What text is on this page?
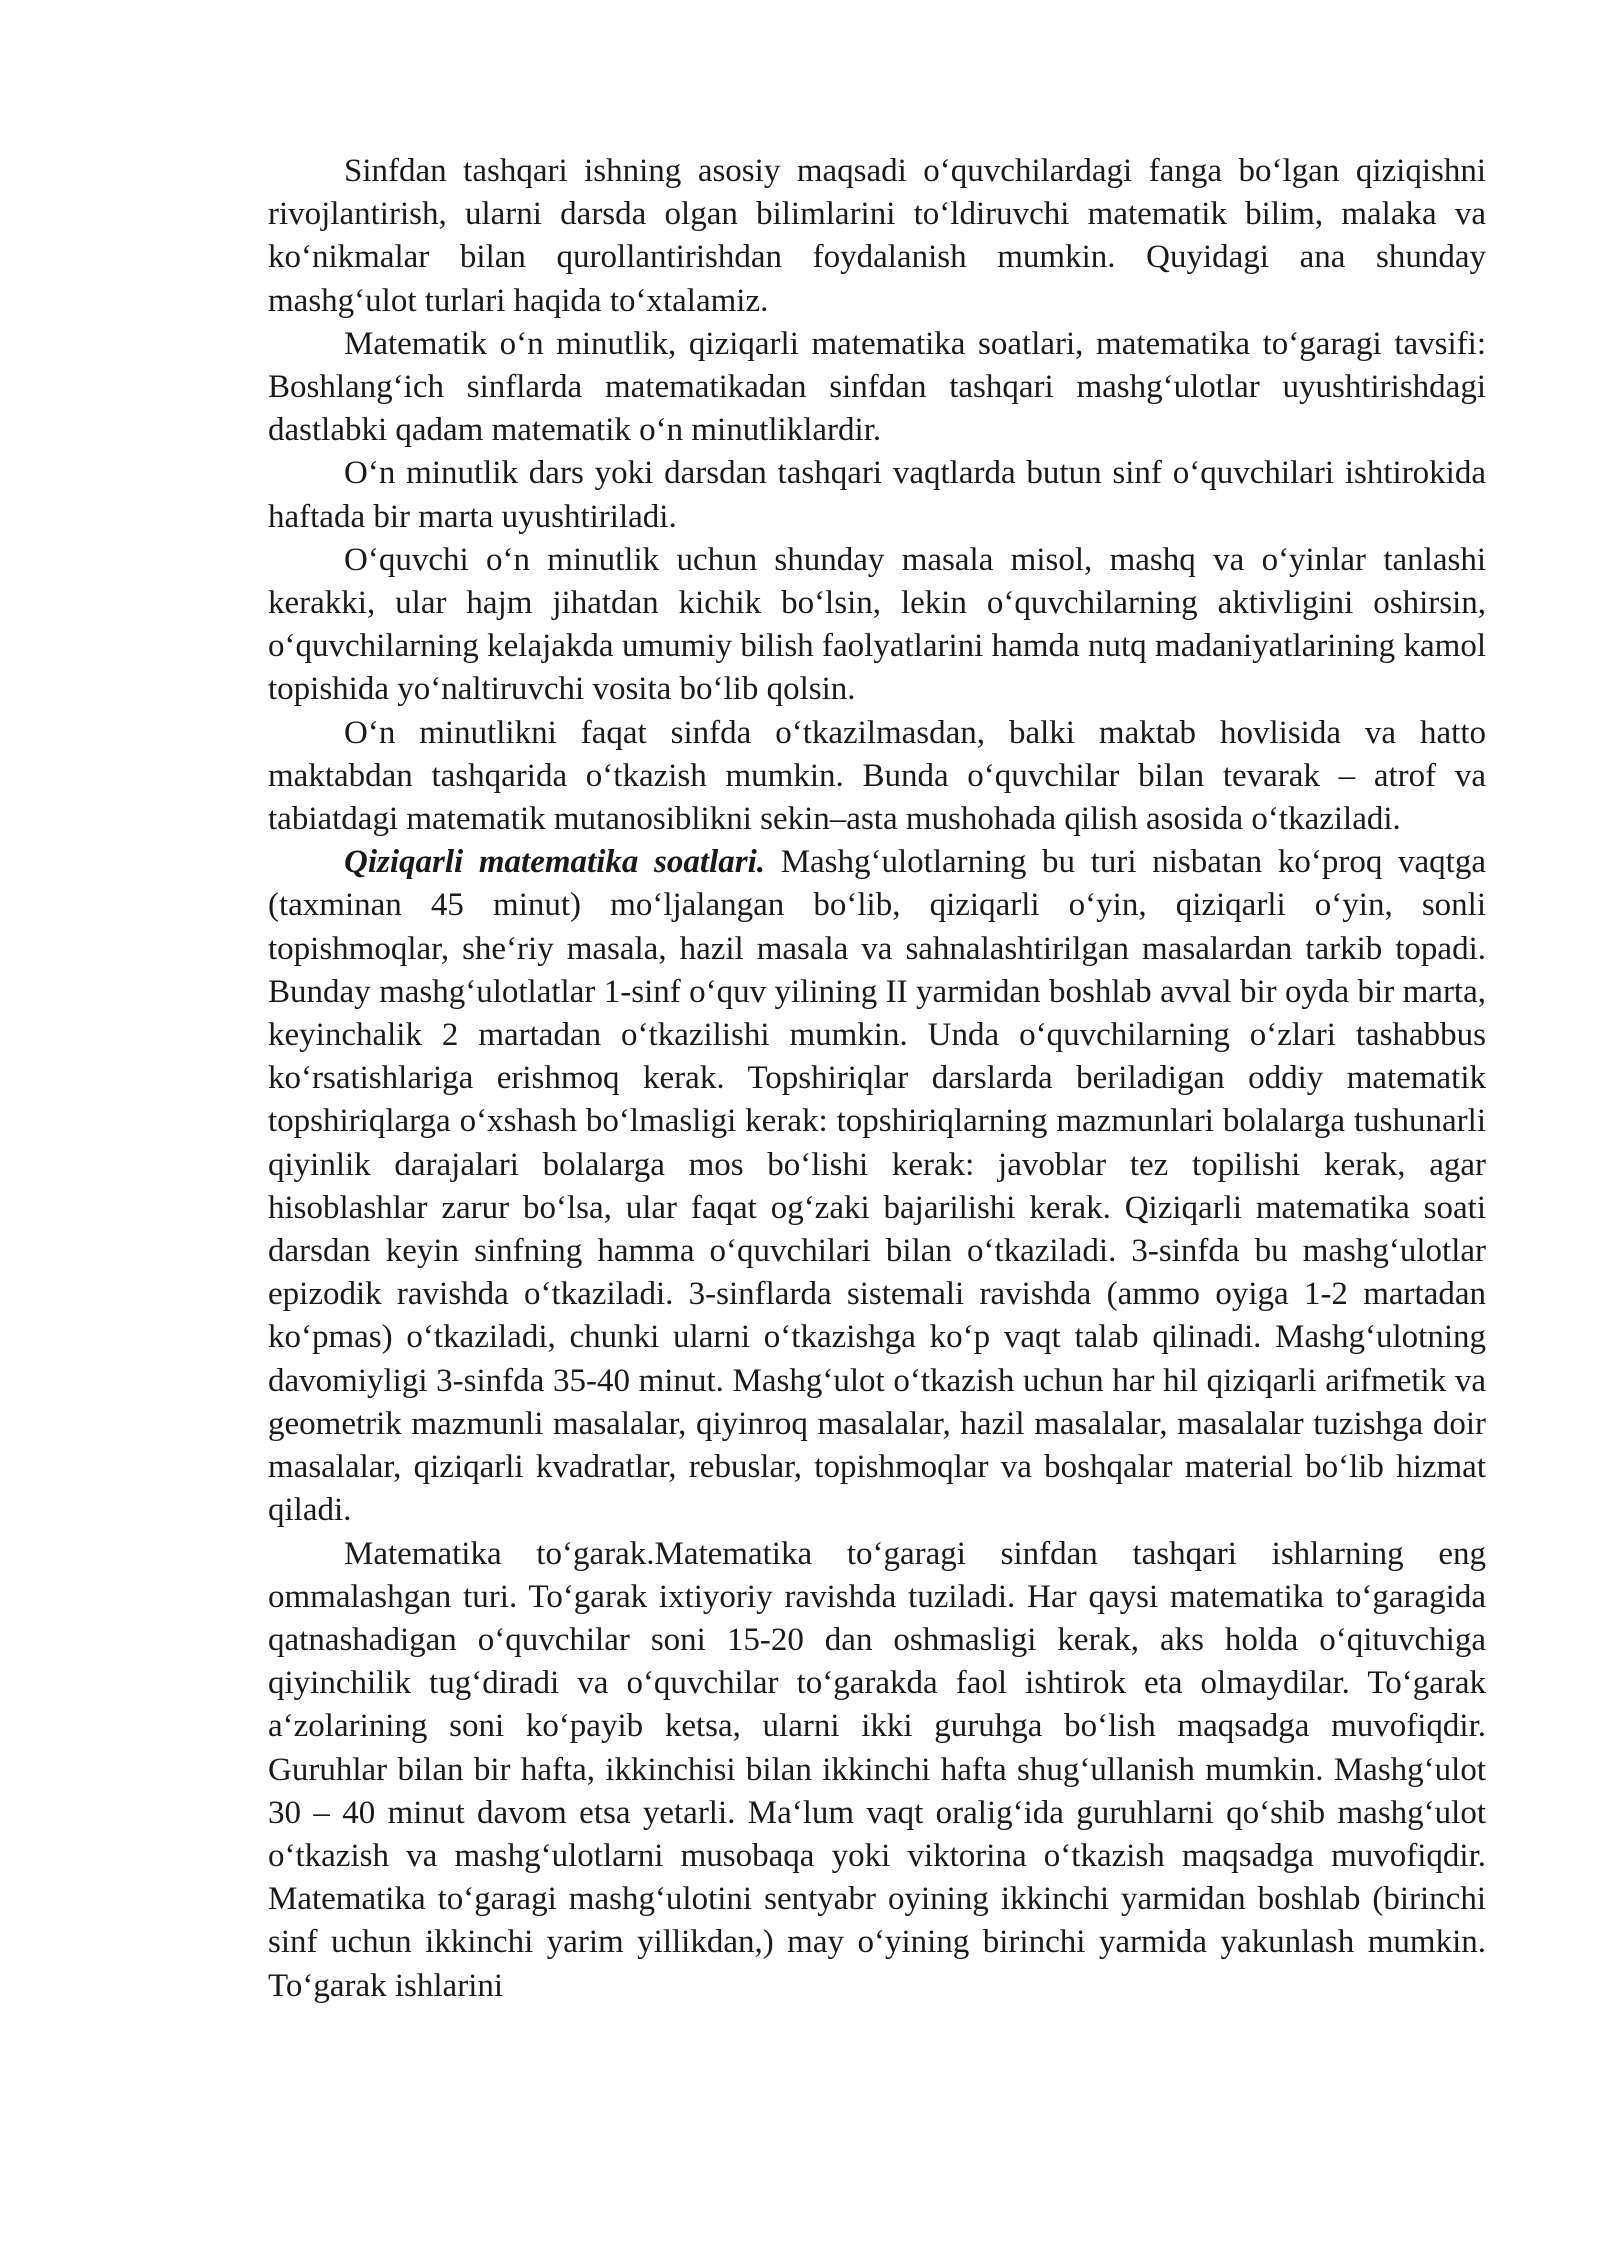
Sinfdan tashqari ishning asosiy maqsadi o‘quvchilardagi fanga bo‘lgan qiziqishni rivojlantirish, ularni darsda olgan bilimlarini to‘ldiruvchi matematik bilim, malaka va ko‘nikmalar bilan qurollantirishdan foydalanish mumkin. Quyidagi ana shunday mashg‘ulot turlari haqida to‘xtalamiz.

Matematik o‘n minutlik, qiziqarli matematika soatlari, matematika to‘garagi tavsifi: Boshlang‘ich sinflarda matematikadan sinfdan tashqari mashg‘ulotlar uyushtirishdagi dastlabki qadam matematik o‘n minutliklardir.

O‘n minutlik dars yoki darsdan tashqari vaqtlarda butun sinf o‘quvchilari ishtirokida haftada bir marta uyushtiriladi.

O‘quvchi o‘n minutlik uchun shunday masala misol, mashq va o‘yinlar tanlashi kerakki, ular hajm jihatdan kichik bo‘lsin, lekin o‘quvchilarning aktivligini oshirsin, o‘quvchilarning kelajakda umumiy bilish faolyatlarini hamda nutq madaniyatlarining kamol topishida yo‘naltiruvchi vosita bo‘lib qolsin.

O‘n minutlikni faqat sinfda o‘tkazilmasdan, balki maktab hovlisida va hatto maktabdan tashqarida o‘tkazish mumkin. Bunda o‘quvchilar bilan tevarak – atrof va tabiatdagi matematik mutanosiblikni sekin–asta mushohada qilish asosida o‘tkaziladi.

Qiziqarli matematika soatlari. Mashg‘ulotlarning bu turi nisbatan ko‘proq vaqtga (taxminan 45 minut) mo‘ljalangan bo‘lib, qiziqarli o‘yin, qiziqarli o‘yin, sonli topishmoqlar, she‘riy masala, hazil masala va sahnalashtirilgan masalardan tarkib topadi. Bunday mashg‘ulotlatlar 1-sinf o‘quv yilining II yarmidan boshlab avval bir oyda bir marta, keyinchalik 2 martadan o‘tkazilishi mumkin. Unda o‘quvchilarning o‘zlari tashabbus ko‘rsatishlariga erishmoq kerak. Topshiriqlar darslarda beriladigan oddiy matematik topshiriqlarga o‘xshash bo‘lmasligi kerak: topshiriqlarning mazmunlari bolalarga tushunarli qiyinlik darajalari bolalarga mos bo‘lishi kerak: javoblar tez topilishi kerak, agar hisoblashlar zarur bo‘lsa, ular faqat og‘zaki bajarilishi kerak. Qiziqarli matematika soati darsdan keyin sinfning hamma o‘quvchilari bilan o‘tkaziladi. 3-sinfda bu mashg‘ulotlar epizodik ravishda o‘tkaziladi. 3-sinflarda sistemali ravishda (ammo oyiga 1-2 martadan ko‘pmas) o‘tkaziladi, chunki ularni o‘tkazishga ko‘p vaqt talab qilinadi. Mashg‘ulotning davomiyligi 3-sinfda 35-40 minut. Mashg‘ulot o‘tkazish uchun har hil qiziqarli arifmetik va geometrik mazmunli masalalar, qiyinroq masalalar, hazil masalalar, masalalar tuzishga doir masalalar, qiziqarli kvadratlar, rebuslar, topishmoqlar va boshqalar material bo‘lib hizmat qiladi.

Matematika to‘garak.Matematika to‘garagi sinfdan tashqari ishlarning eng ommalashgan turi. To‘garak ixtiyoriy ravishda tuziladi. Har qaysi matematika to‘garagida qatnashadigan o‘quvchilar soni 15-20 dan oshmasligi kerak, aks holda o‘qituvchiga qiyinchilik tug‘diradi va o‘quvchilar to‘garakda faol ishtirok eta olmaydilar. To‘garak a‘zolarining soni ko‘payib ketsa, ularni ikki guruhga bo‘lish maqsadga muvofiqdir. Guruhlar bilan bir hafta, ikkinchisi bilan ikkinchi hafta shug‘ullanish mumkin. Mashg‘ulot 30 – 40 minut davom etsa yetarli. Ma‘lum vaqt oralig‘ida guruhlarni qo‘shib mashg‘ulot o‘tkazish va mashg‘ulotlarni musobaqa yoki viktorina o‘tkazish maqsadga muvofiqdir. Matematika to‘garagi mashg‘ulotini sentyabr oyining ikkinchi yarmidan boshlab (birinchi sinf uchun ikkinchi yarim yillikdan,) may o‘yining birinchi yarmida yakunlash mumkin. To‘garak ishlarini
